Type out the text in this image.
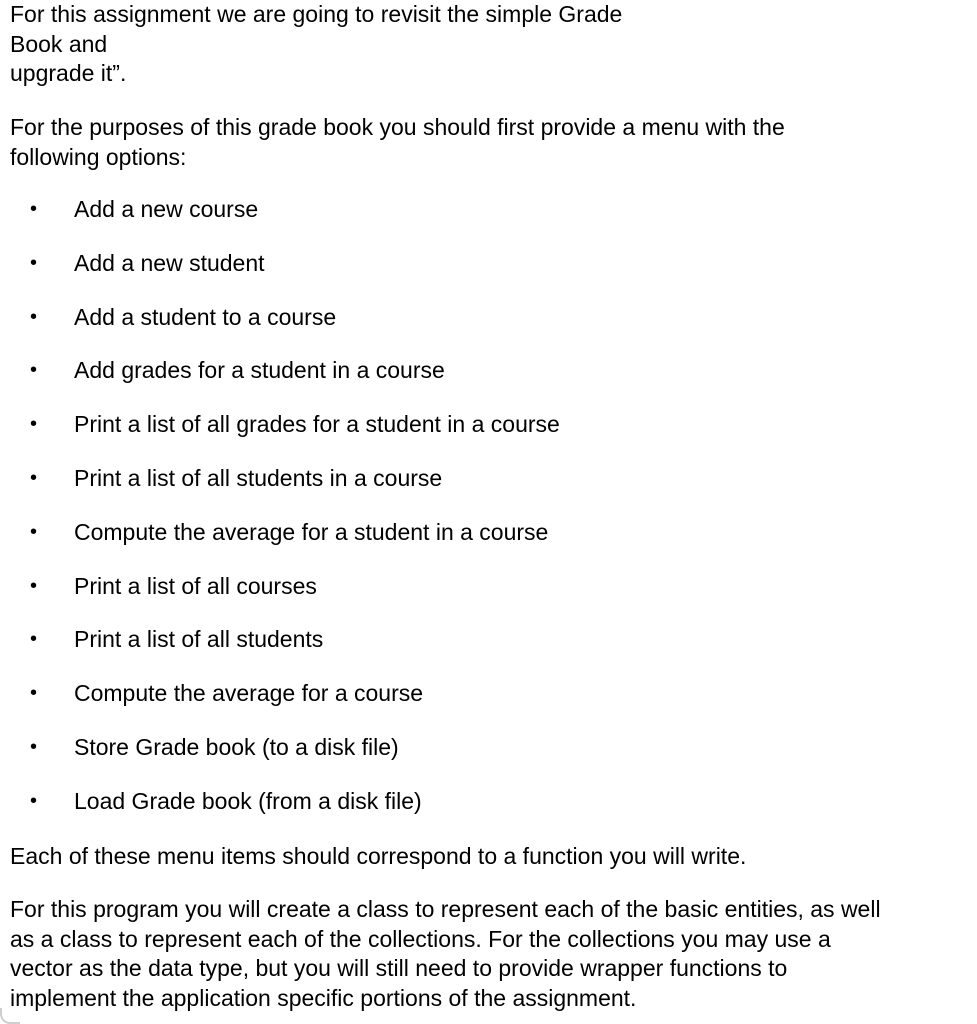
For this assignment we are going to revisit the simple Grade
Book and
upgrade it”.

For the purposes of this grade book you should first provide a menu with the
following options:

•	Add a new course
•	Add a new student
•	Add a student to a course
•	Add grades for a student in a course
•	Print a list of all grades for a student in a course
•	Print a list of all students in a course
•	Compute the average for a student in a course
•	Print a list of all courses
•	Print a list of all students
•	Compute the average for a course
•	Store Grade book (to a disk file)
•	Load Grade book (from a disk file)

Each of these menu items should correspond to a function you will write.

For this program you will create a class to represent each of the basic entities, as well
as a class to represent each of the collections. For the collections you may use a
vector as the data type, but you will still need to provide wrapper functions to
implement the application specific portions of the assignment.
